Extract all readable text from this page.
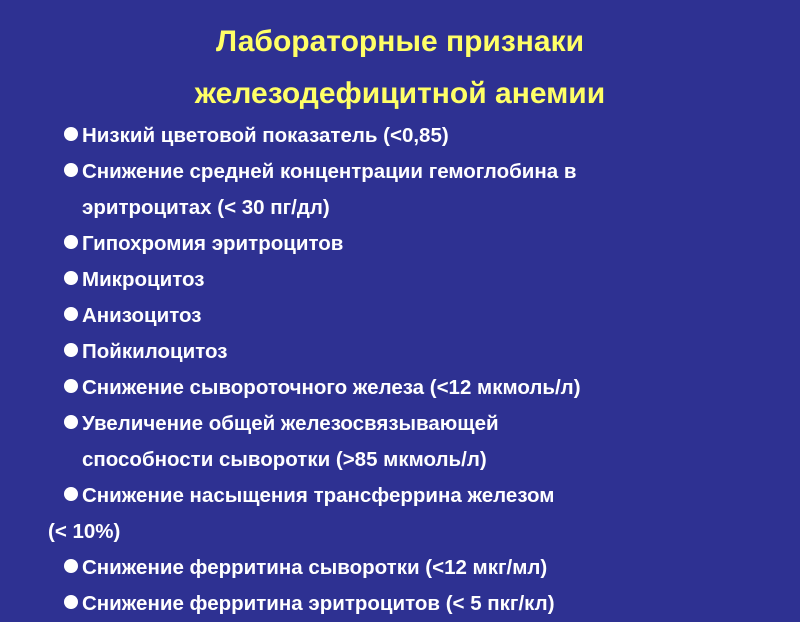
Лабораторные признаки
железодефицитной анемии
Низкий цветовой показатель (<0,85)
Снижение средней концентрации гемоглобина в
эритроцитах (< 30 пг/дл)
Гипохромия эритроцитов
Микроцитоз
Анизоцитоз
Пойкилоцитоз
Снижение сывороточного железа (<12 мкмоль/л)
Увеличение общей железосвязывающей
способности сыворотки (>85 мкмоль/л)
Снижение насыщения трансферрина железом
(< 10%)
Снижение ферритина сыворотки (<12 мкг/мл)
Снижение ферритина эритроцитов (< 5 пкг/кл)
